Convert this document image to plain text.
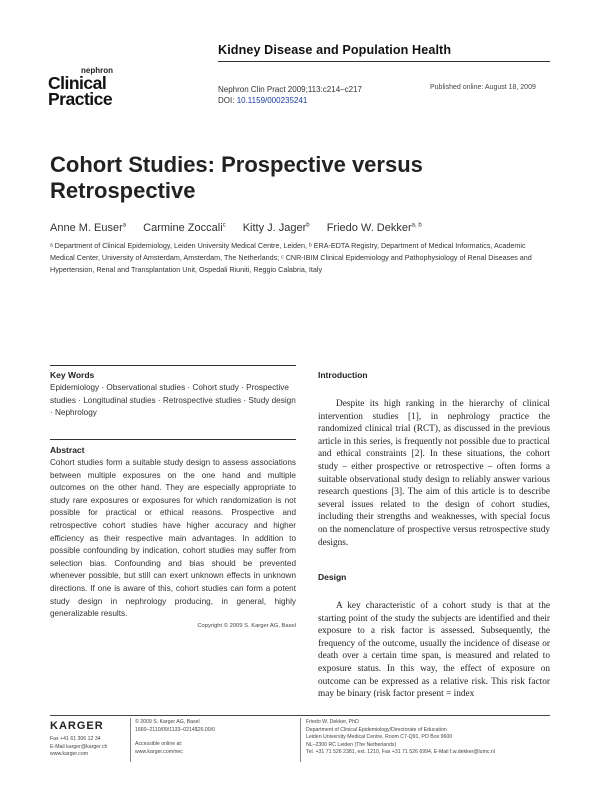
Kidney Disease and Population Health
nephron
Clinical
Practice	Nephron Clin Pract 2009;113:c214–c217
DOI: 10.1159/000235241
Published online: August 18, 2009
Cohort Studies: Prospective versus Retrospective
Anne M. Euser$^a$ Carmine Zoccali$^c$ Kitty J. Jager$^b$ Friedo W. Dekker$^{a, b}$
ᵃ Department of Clinical Epidemiology, Leiden University Medical Centre, Leiden, ᵇ ERA-EDTA Registry, Department of Medical Informatics, Academic Medical Center, University of Amsterdam, Amsterdam, The Netherlands; ᶜ CNR-IBIM Clinical Epidemiology and Pathophysiology of Renal Diseases and Hypertension, Renal and Transplantation Unit, Ospedali Riuniti, Reggio Calabria, Italy
Key Words
Epidemiology · Observational studies · Cohort study · Prospective studies · Longitudinal studies · Retrospective studies · Study design · Nephrology
Abstract
Cohort studies form a suitable study design to assess associations between multiple exposures on the one hand and multiple outcomes on the other hand. They are especially appropriate to study rare exposures or exposures for which randomization is not possible for practical or ethical reasons. Prospective and retrospective cohort studies have higher accuracy and higher efficiency as their respective main advantages. In addition to possible confounding by indication, cohort studies may suffer from selection bias. Confounding and bias should be prevented whenever possible, but still can exert unknown effects in unknown directions. If one is aware of this, cohort studies can form a potent study design in nephrology producing, in general, highly generalizable results.
Copyright © 2009 S. Karger AG, Basel
Introduction

Despite its high ranking in the hierarchy of clinical intervention studies [1], in nephrology practice the randomized clinical trial (RCT), as discussed in the previous article in this series, is frequently not possible due to practical and ethical constraints [2]. In these situations, the cohort study – either prospective or retrospective – often forms a suitable observational study design to reliably answer various research questions [3]. The aim of this article is to describe several issues related to the design of cohort studies, including their strengths and weaknesses, with special focus on the nomenclature of prospective versus retrospective study designs.

Design

A key characteristic of a cohort study is that at the starting point of the study the subjects are identified and their exposure to a risk factor is assessed. Subsequently, the frequency of the outcome, usually the incidence of disease or death over a certain time span, is measured and related to exposure status. In this way, the effect of exposure on outcome can be expressed as a relative risk. This risk factor may be binary (risk factor present = index

KARGER
Fax +41 61 306 12 34
E-Mail karger@karger.ch
www.karger.com
© 2009 S. Karger AG, Basel
1660–2110/09/1133–0214$26.00/0
Accessible online at:
www.karger.com/nec
Friedo W. Dekker, PhD
Department of Clinical Epidemiology/Directorate of Education
Leiden University Medical Centre, Room C7-Q91, PO Box 9600
NL–2300 RC Leiden (The Netherlands)
Tel. +31 71 526 2381, ext. 1210, Fax +31 71 526 6994, E-Mail f.w.dekker@lumc.nl
